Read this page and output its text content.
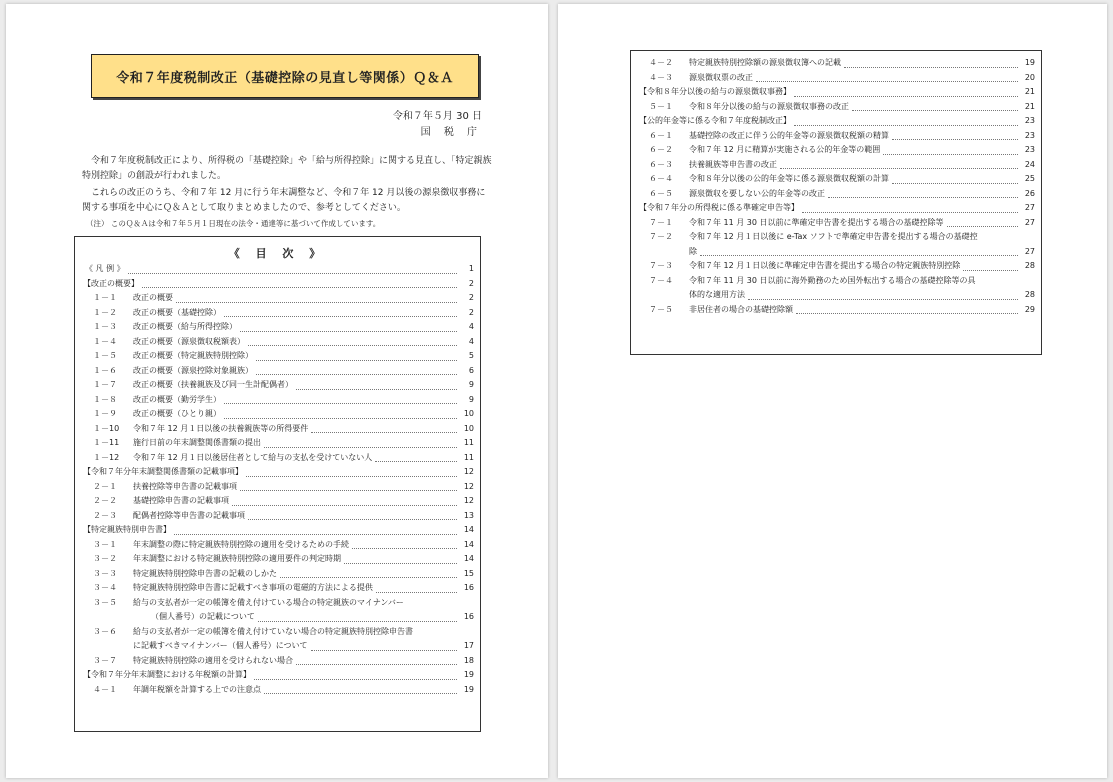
令和７年度税制改正（基礎控除の見直し等関係）Ｑ＆Ａ
令和７年５月 30 日
国 税 庁
　令和７年度税制改正により、所得税の「基礎控除」や「給与所得控除」に関する見直し、「特定親族特別控除」の創設が行われました。
　これらの改正のうち、令和７年 12 月に行う年末調整など、令和７年 12 月以後の源泉徴収事務に関する事項を中心にＱ＆Ａとして取りまとめましたので、参考としてください。
（注） このＱ＆Ａは令和７年５月１日現在の法令・通達等に基づいて作成しています。
《 目 次 》
《 凡 例 》	1
【改正の概要】	2
１－１	改正の概要	2
１－２	改正の概要（基礎控除）	2
１－３	改正の概要（給与所得控除）	4
１－４	改正の概要（源泉徴収税額表）	4
１－５	改正の概要（特定親族特別控除）	5
１－６	改正の概要（源泉控除対象親族）	6
１－７	改正の概要（扶養親族及び同一生計配偶者）	9
１－８	改正の概要（勤労学生）	9
１－９	改正の概要（ひとり親）	10
１－10	令和７年 12 月１日以後の扶養親族等の所得要件	10
１－11	施行日前の年末調整関係書類の提出	11
１－12	令和７年 12 月１日以後居住者として給与の支払を受けていない人	11
【令和７年分年末調整関係書類の記載事項】	12
２－１	扶養控除等申告書の記載事項	12
２－２	基礎控除申告書の記載事項	12
２－３	配偶者控除等申告書の記載事項	13
【特定親族特別申告書】	14
３－１	年末調整の際に特定親族特別控除の適用を受けるための手続	14
３－２	年末調整における特定親族特別控除の適用要件の判定時期	14
３－３	特定親族特別控除申告書の記載のしかた	15
３－４	特定親族特別控除申告書に記載すべき事項の電磁的方法による提供	16
３－５	給与の支払者が一定の帳簿を備え付けている場合の特定親族のマイナンバー
（個人番号）の記載について	16
３－６	給与の支払者が一定の帳簿を備え付けていない場合の特定親族特別控除申告書
に記載すべきマイナンバー（個人番号）について	17
３－７	特定親族特別控除の適用を受けられない場合	18
【令和７年分年末調整における年税額の計算】	19
４－１	年調年税額を計算する上での注意点	19
４－２	特定親族特別控除額の源泉徴収簿への記載	19
４－３	源泉徴収票の改正	20
【令和８年分以後の給与の源泉徴収事務】	21
５－１	令和８年分以後の給与の源泉徴収事務の改正	21
【公的年金等に係る令和７年度税制改正】	23
６－１	基礎控除の改正に伴う公的年金等の源泉徴収税額の精算	23
６－２	令和７年 12 月に精算が実施される公的年金等の範囲	23
６－３	扶養親族等申告書の改正	24
６－４	令和８年分以後の公的年金等に係る源泉徴収税額の計算	25
６－５	源泉徴収を要しない公的年金等の改正	26
【令和７年分の所得税に係る準確定申告等】	27
７－１	令和７年 11 月 30 日以前に準確定申告書を提出する場合の基礎控除等	27
７－２	令和７年 12 月１日以後に e-Tax ソフトで準確定申告書を提出する場合の基礎控
除	27
７－３	令和７年 12 月１日以後に準確定申告書を提出する場合の特定親族特別控除	28
７－４	令和７年 11 月 30 日以前に海外勤務のため国外転出する場合の基礎控除等の具
体的な適用方法	28
７－５	非居住者の場合の基礎控除額	29
